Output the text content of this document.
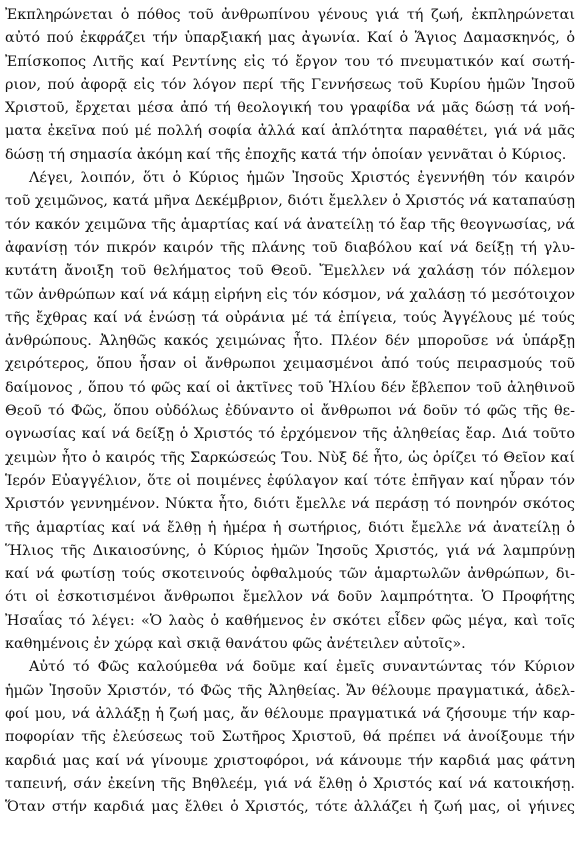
Ἐκπληρώνεται ὁ πόθος τοῦ ἀνθρωπίνου γένους γιά τή ζωή, ἐκπληρώνεται
αὐτό πού ἐκφράζει τήν ὑπαρξιακή μας ἀγωνία. Καί ὁ Ἅγιος Δαμασκηνός, ὁ
Ἐπίσκοπος Λιτῆς καί Ρεντίνης εἰς τό ἔργον του τό πνευματικόν καί σωτή-
ριον, πού ἀφορᾷ εἰς τόν λόγον περί τῆς Γεννήσεως τοῦ Κυρίου ἡμῶν Ἰησοῦ
Χριστοῦ, ἔρχεται μέσα ἀπό τή θεολογική του γραφίδα νά μᾶς δώσῃ τά νοή-
ματα ἐκεῖνα πού μέ πολλή σοφία ἀλλά καί ἁπλότητα παραθέτει, γιά νά μᾶς
δώσῃ τή σημασία ἀκόμη καί τῆς ἐποχῆς κατά τήν ὁποίαν γεννᾶται ὁ Κύριος.
Λέγει, λοιπόν, ὅτι ὁ Κύριος ἡμῶν Ἰησοῦς Χριστός ἐγεννήθη τόν καιρόν
τοῦ χειμῶνος, κατά μῆνα Δεκέμβριον, διότι ἔμελλεν ὁ Χριστός νά καταπαύσῃ
τόν κακόν χειμῶνα τῆς ἁμαρτίας καί νά ἀνατείλῃ τό ἔαρ τῆς θεογνωσίας, νά
ἀφανίσῃ τόν πικρόν καιρόν τῆς πλάνης τοῦ διαβόλου καί νά δείξῃ τή γλυ-
κυτάτη ἄνοιξη τοῦ θελήματος τοῦ Θεοῦ. Ἔμελλεν νά χαλάσῃ τόν πόλεμον
τῶν ἀνθρώπων καί νά κάμῃ εἰρήνη εἰς τόν κόσμον, νά χαλάσῃ τό μεσότοιχον
τῆς ἔχθρας καί νά ἑνώσῃ τά οὐράνια μέ τά ἐπίγεια, τούς Ἀγγέλους μέ τούς
ἀνθρώπους. Ἀληθῶς κακός χειμώνας ἦτο. Πλέον δέν μποροῦσε νά ὑπάρξῃ
χειρότερος, ὅπου ἦσαν οἱ ἄνθρωποι χειμασμένοι ἀπό τούς πειρασμούς τοῦ
δαίμονος , ὅπου τό φῶς καί οἱ ἀκτῖνες τοῦ Ἡλίου δέν ἔβλεπον τοῦ ἀληθινοῦ
Θεοῦ τό Φῶς, ὅπου οὐδόλως ἐδύναντο οἱ ἄνθρωποι νά δοῦν τό φῶς τῆς θε-
ογνωσίας καί νά δείξῃ ὁ Χριστός τό ἐρχόμενον τῆς ἀληθείας ἔαρ. Διά τοῦτο
χειμὼν ἦτο ὁ καιρός τῆς Σαρκώσεώς Του. Νὺξ δέ ἦτο, ὡς ὁρίζει τό Θεῖον καί
Ἱερόν Εὐαγγέλιον, ὅτε οἱ ποιμένες ἐφύλαγον καί τότε ἐπῆγαν καί ηὗραν τόν
Χριστόν γεννημένον. Νύκτα ἦτο, διότι ἔμελλε νά περάσῃ τό πονηρόν σκότος
τῆς ἁμαρτίας καί νά ἔλθῃ ἡ ἡμέρα ἡ σωτήριος, διότι ἔμελλε νά ἀνατείλῃ ὁ
Ἥλιος τῆς Δικαιοσύνης, ὁ Κύριος ἡμῶν Ἰησοῦς Χριστός, γιά νά λαμπρύνῃ
καί νά φωτίσῃ τούς σκοτεινούς ὀφθαλμούς τῶν ἁμαρτωλῶν ἀνθρώπων, δι-
ότι οἱ ἐσκοτισμένοι ἄνθρωποι ἔμελλον νά δοῦν λαμπρότητα. Ὁ Προφήτης
Ἠσαΐας τό λέγει: «Ὁ λαὸς ὁ καθήμενος ἐν σκότει εἶδεν φῶς μέγα, καὶ τοῖς
καθημένοις ἐν χώρᾳ καὶ σκιᾷ θανάτου φῶς ἀνέτειλεν αὐτοῖς».
Αὐτό τό Φῶς καλούμεθα νά δοῦμε καί ἐμεῖς συναντώντας τόν Κύριον
ἡμῶν Ἰησοῦν Χριστόν, τό Φῶς τῆς Ἀληθείας. Ἄν θέλουμε πραγματικά, ἀδελ-
φοί μου, νά ἀλλάξῃ ἡ ζωή μας, ἄν θέλουμε πραγματικά νά ζήσουμε τήν καρ-
ποφορίαν τῆς ἐλεύσεως τοῦ Σωτῆρος Χριστοῦ, θά πρέπει νά ἀνοίξουμε τήν
καρδιά μας καί νά γίνουμε χριστοφόροι, νά κάνουμε τήν καρδιά μας φάτνη
ταπεινή, σάν ἐκείνη τῆς Βηθλεέμ, γιά νά ἔλθῃ ὁ Χριστός καί νά κατοικήσῃ.
Ὅταν στήν καρδιά μας ἔλθει ὁ Χριστός, τότε ἀλλάζει ἡ ζωή μας, οἱ γήινες
